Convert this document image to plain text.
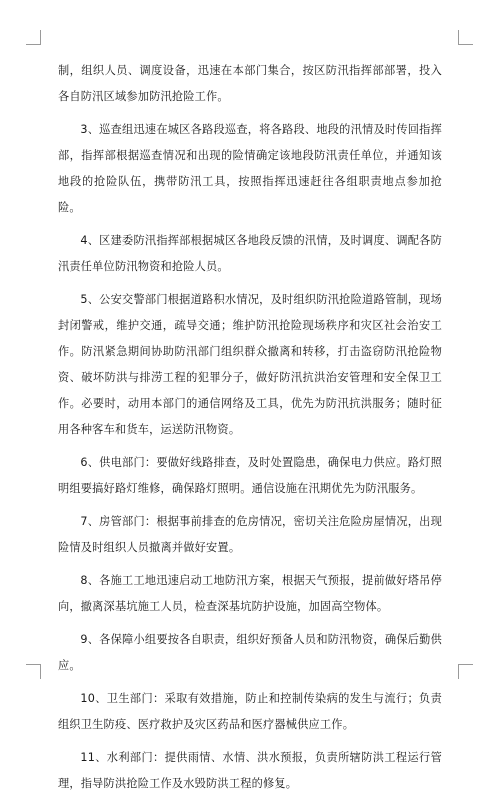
制，组织人员、调度设备，迅速在本部门集合，按区防汛指挥部部署，投入各自防汛区域参加防汛抢险工作。

3、巡查组迅速在城区各路段巡查，将各路段、地段的汛情及时传回指挥部，指挥部根据巡查情况和出现的险情确定该地段防汛责任单位，并通知该地段的抢险队伍，携带防汛工具，按照指挥迅速赶往各组职责地点参加抢险。

4、区建委防汛指挥部根据城区各地段反馈的汛情，及时调度、调配各防汛责任单位防汛物资和抢险人员。

5、公安交警部门根据道路积水情况，及时组织防汛抢险道路管制，现场封闭警戒，维护交通，疏导交通；维护防汛抢险现场秩序和灾区社会治安工作。防汛紧急期间协助防汛部门组织群众撤离和转移，打击盗窃防汛抢险物资、破坏防洪与排涝工程的犯罪分子，做好防汛抗洪治安管理和安全保卫工作。必要时，动用本部门的通信网络及工具，优先为防汛抗洪服务；随时征用各种客车和货车，运送防汛物资。

6、供电部门：要做好线路排查，及时处置隐患，确保电力供应。路灯照明组要搞好路灯维修，确保路灯照明。通信设施在汛期优先为防汛服务。

7、房管部门：根据事前排查的危房情况，密切关注危险房屋情况，出现险情及时组织人员撤离并做好安置。

8、各施工工地迅速启动工地防汛方案，根据天气预报，提前做好塔吊停向，撤离深基坑施工人员，检查深基坑防护设施，加固高空物体。

9、各保障小组要按各自职责，组织好预备人员和防汛物资，确保后勤供应。

10、卫生部门：采取有效措施，防止和控制传染病的发生与流行；负责组织卫生防疫、医疗救护及灾区药品和医疗器械供应工作。

11、水利部门：提供雨情、水情、洪水预报，负责所辖防洪工程运行管理，指导防洪抢险工作及水毁防洪工程的修复。
